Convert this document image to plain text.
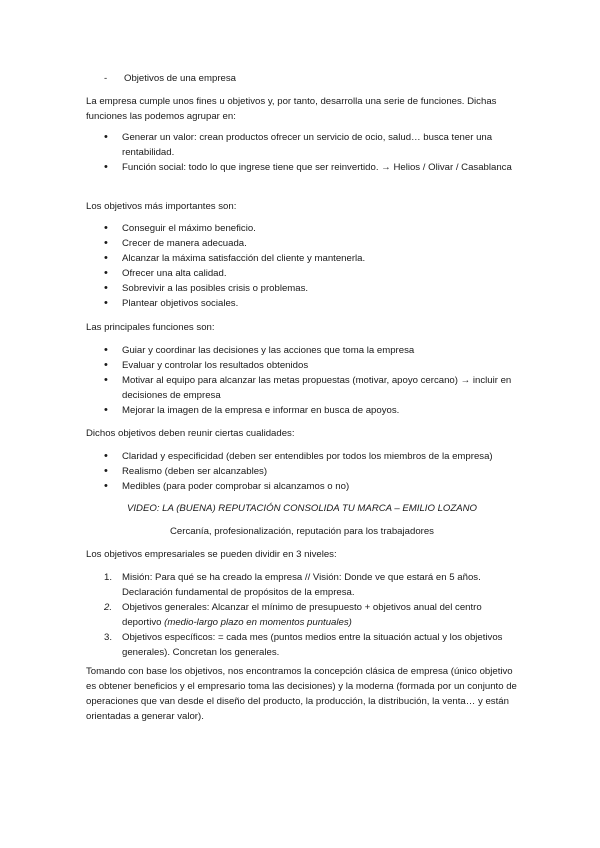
- Objetivos de una empresa

La empresa cumple unos fines u objetivos y, por tanto, desarrolla una serie de funciones. Dichas funciones las podemos agrupar en:

• Generar un valor: crean productos ofrecer un servicio de ocio, salud… busca tener una rentabilidad.
• Función social: todo lo que ingrese tiene que ser reinvertido. → Helios / Olivar / Casablanca

Los objetivos más importantes son:

• Conseguir el máximo beneficio.
• Crecer de manera adecuada.
• Alcanzar la máxima satisfacción del cliente y mantenerla.
• Ofrecer una alta calidad.
• Sobrevivir a las posibles crisis o problemas.
• Plantear objetivos sociales.

Las principales funciones son:

• Guiar y coordinar las decisiones y las acciones que toma la empresa
• Evaluar y controlar los resultados obtenidos
• Motivar al equipo para alcanzar las metas propuestas (motivar, apoyo cercano) → incluir en decisiones de empresa
• Mejorar la imagen de la empresa e informar en busca de apoyos.

Dichos objetivos deben reunir ciertas cualidades:

• Claridad y especificidad (deben ser entendibles por todos los miembros de la empresa)
• Realismo (deben ser alcanzables)
• Medibles (para poder comprobar si alcanzamos o no)
VIDEO: LA (BUENA) REPUTACIÓN CONSOLIDA TU MARCA – EMILIO LOZANO
Cercanía, profesionalización, reputación para los trabajadores

Los objetivos empresariales se pueden dividir en 3 niveles:

1. Misión: Para qué se ha creado la empresa // Visión: Donde ve que estará en 5 años. Declaración fundamental de propósitos de la empresa.
2. Objetivos generales: Alcanzar el mínimo de presupuesto + objetivos anual del centro deportivo (medio-largo plazo en momentos puntuales)
3. Objetivos específicos: = cada mes (puntos medios entre la situación actual y los objetivos generales). Concretan los generales.

Tomando con base los objetivos, nos encontramos la concepción clásica de empresa (único objetivo es obtener beneficios y el empresario toma las decisiones) y la moderna (formada por un conjunto de operaciones que van desde el diseño del producto, la producción, la distribución, la venta… y están orientadas a generar valor).
